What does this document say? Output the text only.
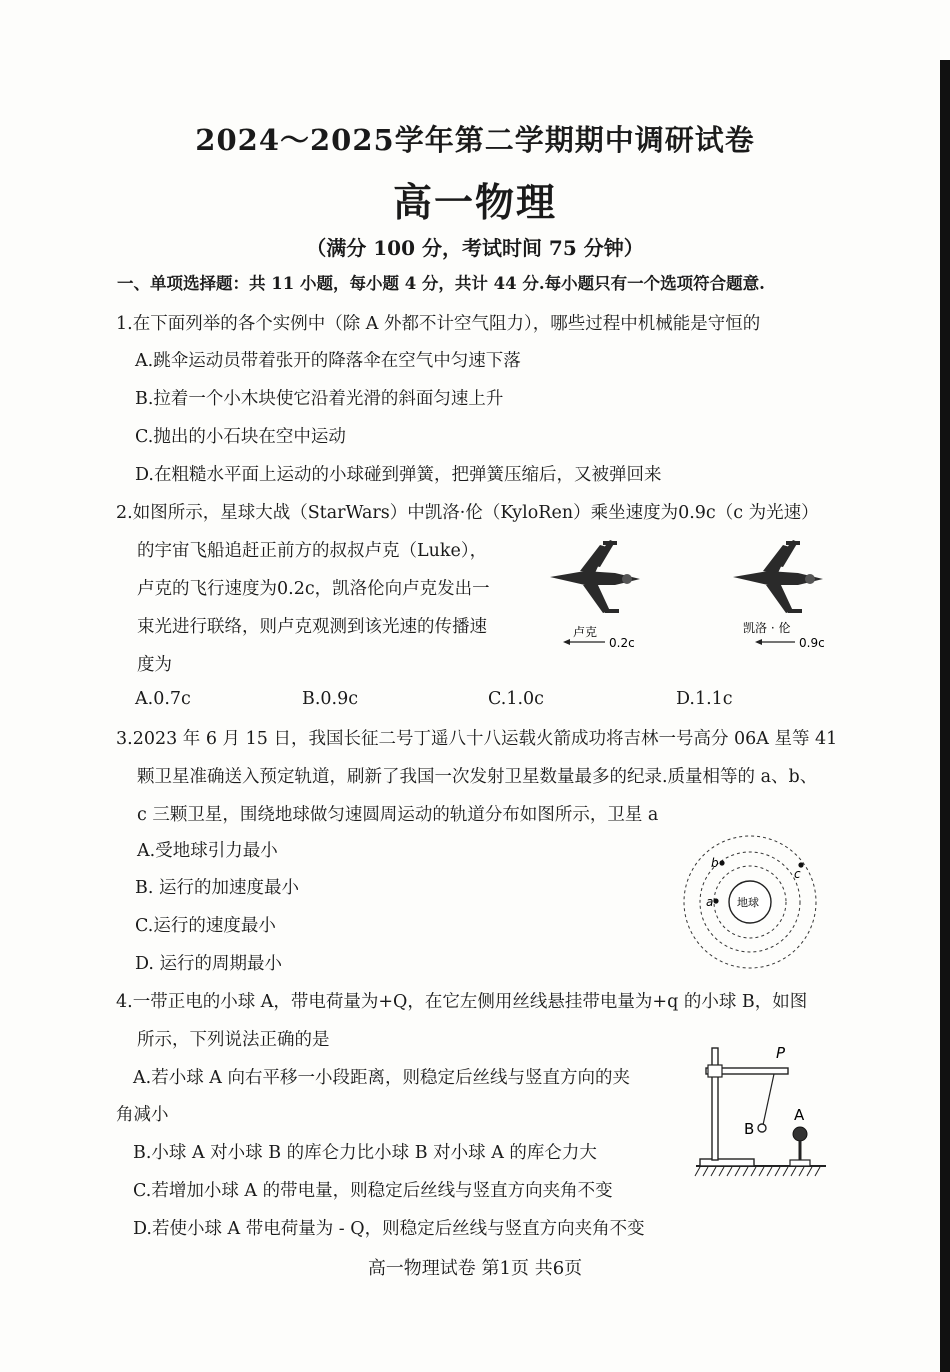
2024～2025学年第二学期期中调研试卷
高一物理
（满分 100 分，考试时间 75 分钟）
一、单项选择题：共 11 小题，每小题 4 分，共计 44 分.每小题只有一个选项符合题意.
1.在下面列举的各个实例中（除 A 外都不计空气阻力），哪些过程中机械能是守恒的
A.跳伞运动员带着张开的降落伞在空气中匀速下落
B.拉着一个小木块使它沿着光滑的斜面匀速上升
C.抛出的小石块在空中运动
D.在粗糙水平面上运动的小球碰到弹簧，把弹簧压缩后，又被弹回来
2.如图所示，星球大战（StarWars）中凯洛·伦（KyloRen）乘坐速度为0.9c（c 为光速）
的宇宙飞船追赶正前方的叔叔卢克（Luke），
卢克的飞行速度为0.2c，凯洛伦向卢克发出一
束光进行联络，则卢克观测到该光速的传播速
度为
A.0.7c	B.0.9c	C.1.0c	D.1.1c
卢克
0.2c
凯洛 · 伦
0.9c
3.2023 年 6 月 15 日，我国长征二号丁遥八十八运载火箭成功将吉林一号高分 06A 星等 41
颗卫星准确送入预定轨道，刷新了我国一次发射卫星数量最多的纪录.质量相等的 a、b、
c 三颗卫星，围绕地球做匀速圆周运动的轨道分布如图所示，卫星 a
A.受地球引力最小
B. 运行的加速度最小
C.运行的速度最小
D. 运行的周期最小
地球
a
b
c
4.一带正电的小球 A，带电荷量为+Q，在它左侧用丝线悬挂带电量为+q 的小球 B，如图
所示，下列说法正确的是
A.若小球 A 向右平移一小段距离，则稳定后丝线与竖直方向的夹
角减小
B.小球 A 对小球 B 的库仑力比小球 B 对小球 A 的库仑力大
C.若增加小球 A 的带电量，则稳定后丝线与竖直方向夹角不变
D.若使小球 A 带电荷量为 - Q，则稳定后丝线与竖直方向夹角不变
P
B
A
高一物理试卷 第1页 共6页
